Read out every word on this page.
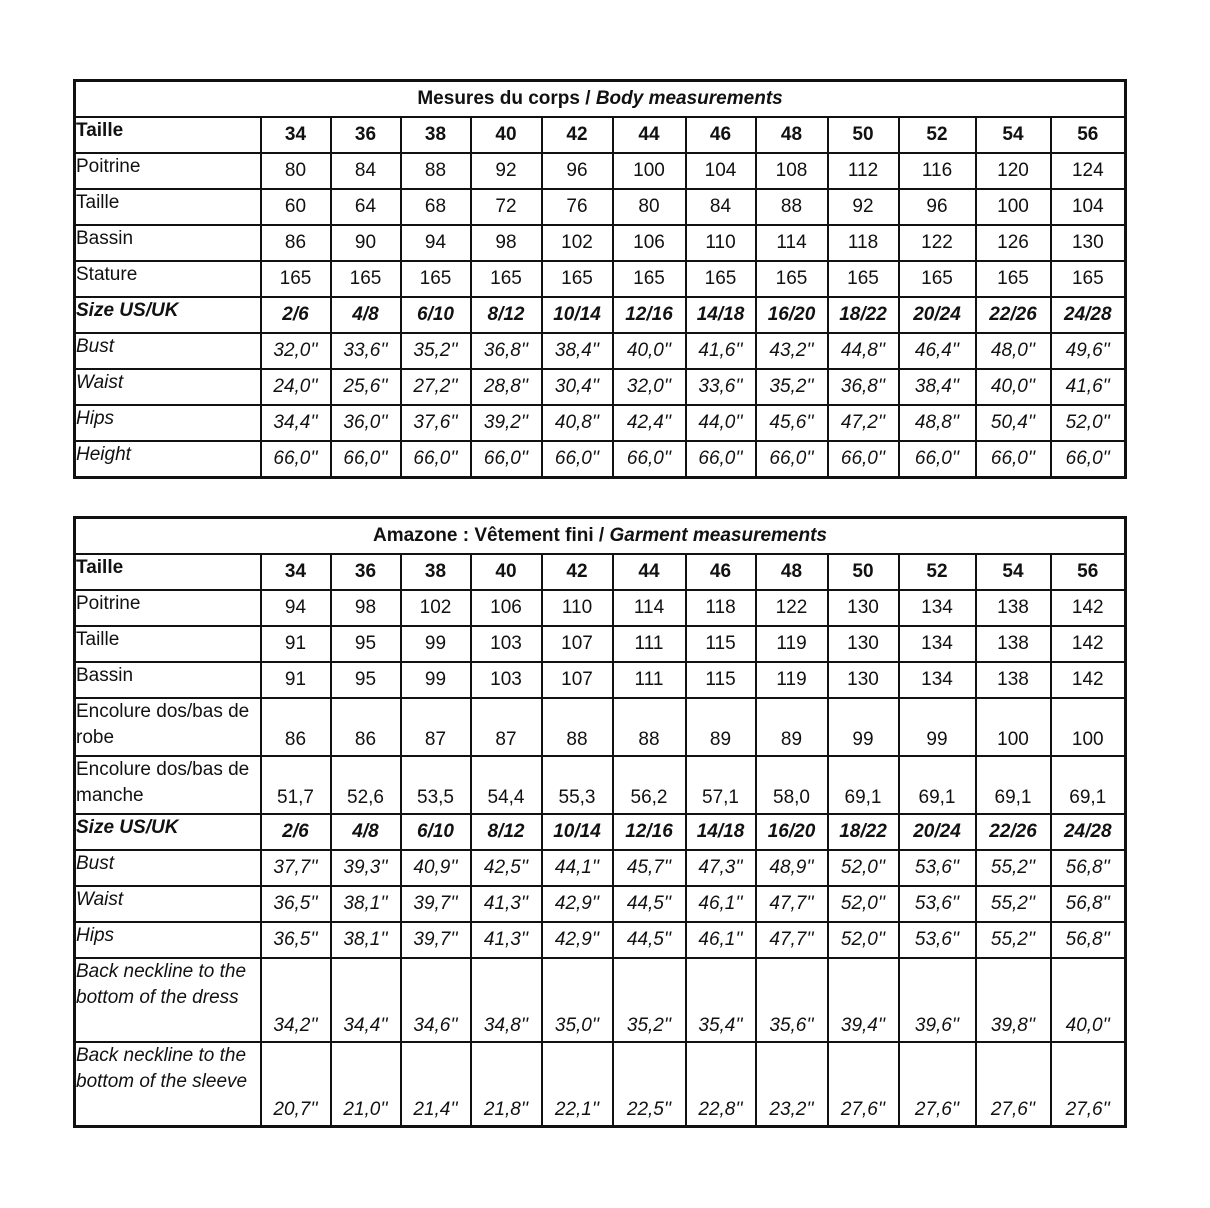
Mesures du corps / Body measurements												
Taille	34	36	38	40	42	44	46	48	50	52	54	56
Poitrine	80	84	88	92	96	100	104	108	112	116	120	124
Taille	60	64	68	72	76	80	84	88	92	96	100	104
Bassin	86	90	94	98	102	106	110	114	118	122	126	130
Stature	165	165	165	165	165	165	165	165	165	165	165	165
Size US/UK	2/6	4/8	6/10	8/12	10/14	12/16	14/18	16/20	18/22	20/24	22/26	24/28
Bust	32,0''	33,6''	35,2''	36,8''	38,4''	40,0''	41,6''	43,2''	44,8''	46,4''	48,0''	49,6''
Waist	24,0''	25,6''	27,2''	28,8''	30,4''	32,0''	33,6''	35,2''	36,8''	38,4''	40,0''	41,6''
Hips	34,4''	36,0''	37,6''	39,2''	40,8''	42,4''	44,0''	45,6''	47,2''	48,8''	50,4''	52,0''
Height	66,0''	66,0''	66,0''	66,0''	66,0''	66,0''	66,0''	66,0''	66,0''	66,0''	66,0''	66,0''
Amazone : Vêtement fini / Garment measurements												
Taille	34	36	38	40	42	44	46	48	50	52	54	56
Poitrine	94	98	102	106	110	114	118	122	130	134	138	142
Taille	91	95	99	103	107	111	115	119	130	134	138	142
Bassin	91	95	99	103	107	111	115	119	130	134	138	142
Encolure dos/bas de robe	86	86	87	87	88	88	89	89	99	99	100	100
Encolure dos/bas de manche	51,7	52,6	53,5	54,4	55,3	56,2	57,1	58,0	69,1	69,1	69,1	69,1
Size US/UK	2/6	4/8	6/10	8/12	10/14	12/16	14/18	16/20	18/22	20/24	22/26	24/28
Bust	37,7''	39,3''	40,9''	42,5''	44,1''	45,7''	47,3''	48,9''	52,0''	53,6''	55,2''	56,8''
Waist	36,5''	38,1''	39,7''	41,3''	42,9''	44,5''	46,1''	47,7''	52,0''	53,6''	55,2''	56,8''
Hips	36,5''	38,1''	39,7''	41,3''	42,9''	44,5''	46,1''	47,7''	52,0''	53,6''	55,2''	56,8''
Back neckline to the bottom of the dress	34,2''	34,4''	34,6''	34,8''	35,0''	35,2''	35,4''	35,6''	39,4''	39,6''	39,8''	40,0''
Back neckline to the bottom of the sleeve	20,7''	21,0''	21,4''	21,8''	22,1''	22,5''	22,8''	23,2''	27,6''	27,6''	27,6''	27,6''
